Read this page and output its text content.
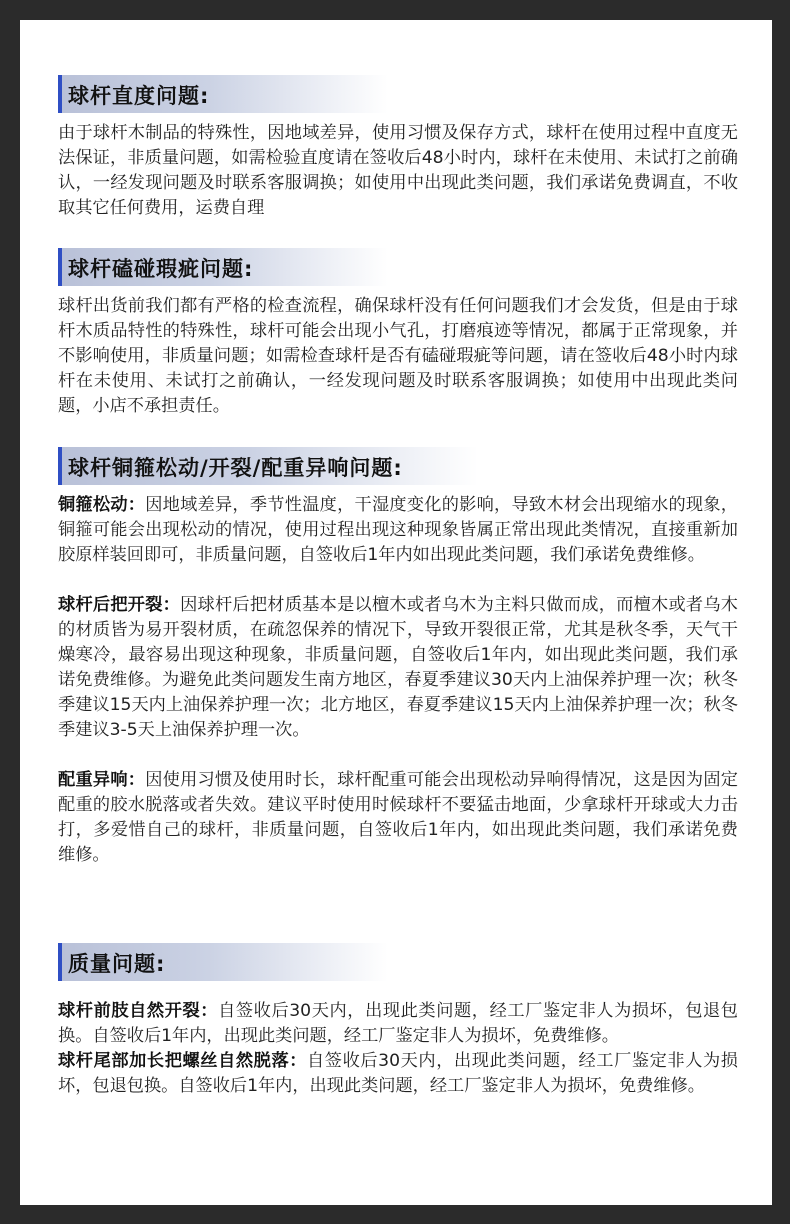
球杆直度问题:

由于球杆木制品的特殊性，因地域差异，使用习惯及保存方式，球杆在使用过程中直度无法保证，非质量问题，如需检验直度请在签收后48小时内，球杆在未使用、未试打之前确认，一经发现问题及时联系客服调换；如使用中出现此类问题，我们承诺免费调直，不收取其它任何费用，运费自理

球杆磕碰瑕疵问题:

球杆出货前我们都有严格的检查流程，确保球杆没有任何问题我们才会发货，但是由于球杆木质品特性的特殊性，球杆可能会出现小气孔，打磨痕迹等情况，都属于正常现象，并不影响使用，非质量问题；如需检查球杆是否有磕碰瑕疵等问题，请在签收后48小时内球杆在未使用、未试打之前确认，一经发现问题及时联系客服调换；如使用中出现此类问题，小店不承担责任。

球杆铜箍松动/开裂/配重异响问题:

铜箍松动：因地域差异，季节性温度，干湿度变化的影响，导致木材会出现缩水的现象，铜箍可能会出现松动的情况，使用过程出现这种现象皆属正常出现此类情况，直接重新加胶原样装回即可，非质量问题，自签收后1年内如出现此类问题，我们承诺免费维修。

球杆后把开裂：因球杆后把材质基本是以檀木或者乌木为主料只做而成，而檀木或者乌木的材质皆为易开裂材质，在疏忽保养的情况下，导致开裂很正常，尤其是秋冬季，天气干燥寒冷，最容易出现这种现象，非质量问题，自签收后1年内，如出现此类问题，我们承诺免费维修。为避免此类问题发生南方地区，春夏季建议30天内上油保养护理一次；秋冬季建议15天内上油保养护理一次；北方地区，春夏季建议15天内上油保养护理一次；秋冬季建议3-5天上油保养护理一次。

配重异响：因使用习惯及使用时长，球杆配重可能会出现松动异响得情况，这是因为固定配重的胶水脱落或者失效。建议平时使用时候球杆不要猛击地面，少拿球杆开球或大力击打，多爱惜自己的球杆，非质量问题，自签收后1年内，如出现此类问题，我们承诺免费维修。

质量问题:

球杆前肢自然开裂：自签收后30天内，出现此类问题，经工厂鉴定非人为损坏，包退包换。自签收后1年内，出现此类问题，经工厂鉴定非人为损坏，免费维修。

球杆尾部加长把螺丝自然脱落：自签收后30天内，出现此类问题，经工厂鉴定非人为损坏，包退包换。自签收后1年内，出现此类问题，经工厂鉴定非人为损坏，免费维修。
